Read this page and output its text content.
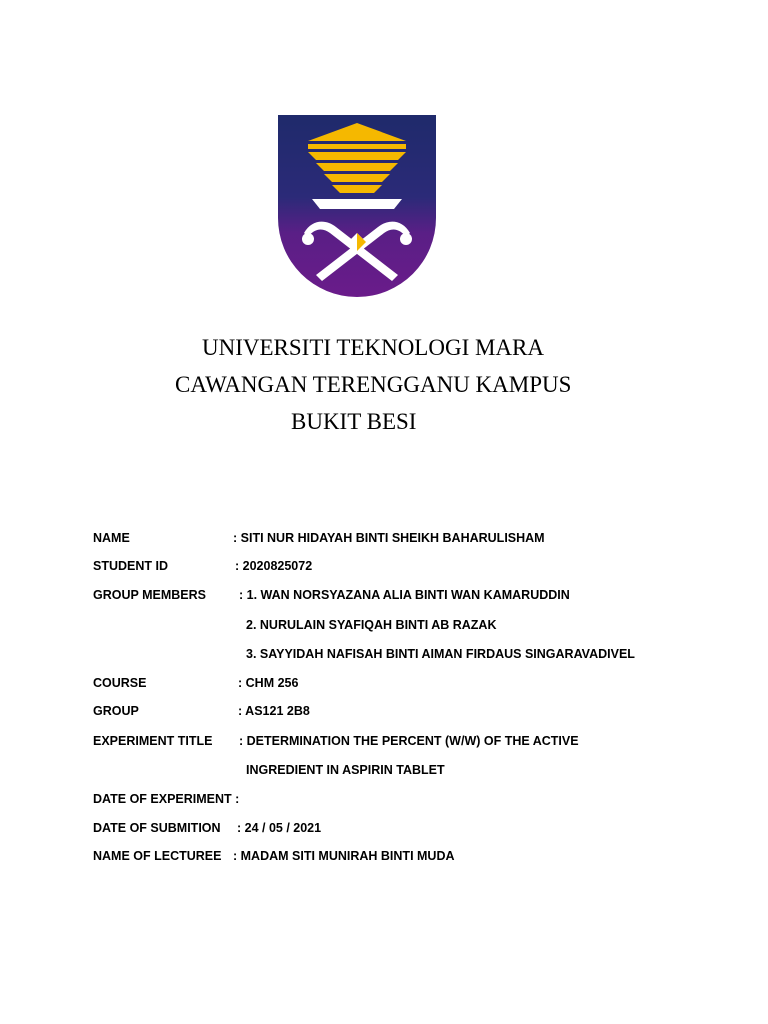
UNIVERSITI TEKNOLOGI MARA
CAWANGAN TERENGGANU KAMPUS
BUKIT BESI
NAME	: SITI NUR HIDAYAH BINTI SHEIKH BAHARULISHAM
STUDENT ID	: 2020825072
GROUP MEMBERS	: 1. WAN NORSYAZANA ALIA BINTI WAN KAMARUDDIN
2. NURULAIN SYAFIQAH BINTI AB RAZAK
3. SAYYIDAH NAFISAH BINTI AIMAN FIRDAUS SINGARAVADIVEL
COURSE	: CHM 256
GROUP	: AS121 2B8
EXPERIMENT TITLE : DETERMINATION THE PERCENT (W/W) OF THE ACTIVE
INGREDIENT IN ASPIRIN TABLET
DATE OF EXPERIMENT :
DATE OF SUBMITION : 24 / 05 / 2021
NAME OF LECTUREE : MADAM SITI MUNIRAH BINTI MUDA
